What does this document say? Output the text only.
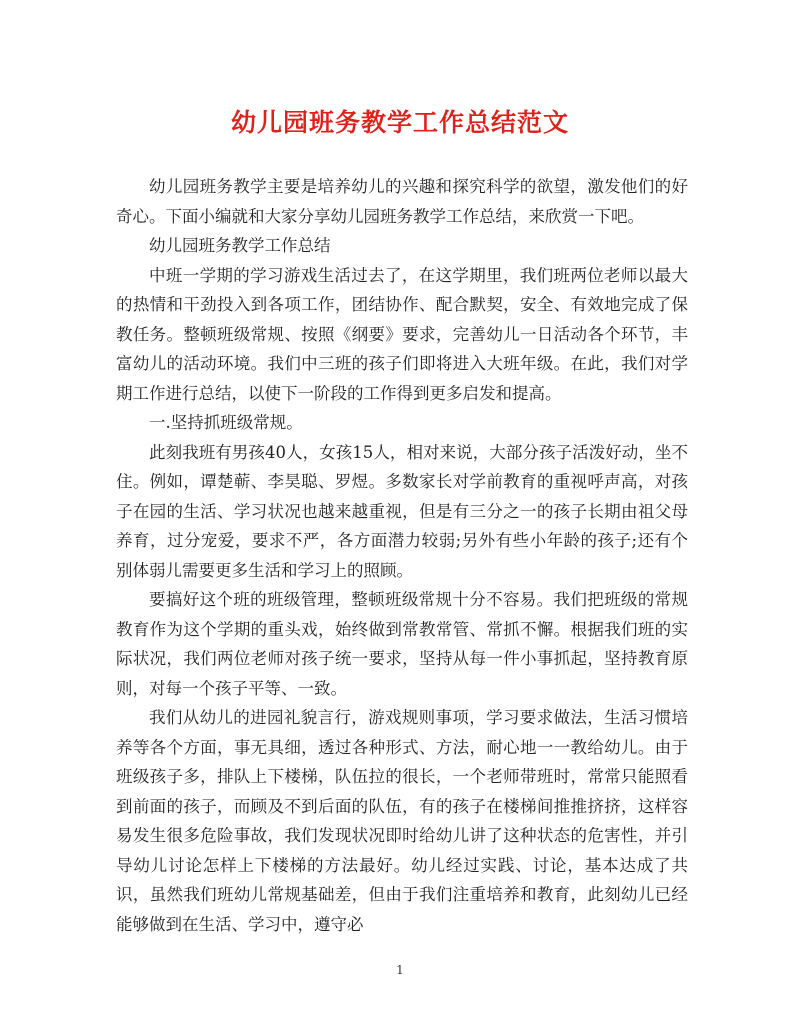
幼儿园班务教学工作总结范文

幼儿园班务教学主要是培养幼儿的兴趣和探究科学的欲望，激发他们的好奇心。下面小编就和大家分享幼儿园班务教学工作总结，来欣赏一下吧。

幼儿园班务教学工作总结

中班一学期的学习游戏生活过去了，在这学期里，我们班两位老师以最大的热情和干劲投入到各项工作，团结协作、配合默契，安全、有效地完成了保教任务。整顿班级常规、按照《纲要》要求，完善幼儿一日活动各个环节，丰富幼儿的活动环境。我们中三班的孩子们即将进入大班年级。在此，我们对学期工作进行总结，以使下一阶段的工作得到更多启发和提高。

一.坚持抓班级常规。

此刻我班有男孩40人，女孩15人，相对来说，大部分孩子活泼好动，坐不住。例如，谭楚蕲、李昊聪、罗煜。多数家长对学前教育的重视呼声高，对孩子在园的生活、学习状况也越来越重视，但是有三分之一的孩子长期由祖父母养育，过分宠爱，要求不严，各方面潜力较弱;另外有些小年龄的孩子;还有个别体弱儿需要更多生活和学习上的照顾。

要搞好这个班的班级管理，整顿班级常规十分不容易。我们把班级的常规教育作为这个学期的重头戏，始终做到常教常管、常抓不懈。根据我们班的实际状况，我们两位老师对孩子统一要求，坚持从每一件小事抓起，坚持教育原则，对每一个孩子平等、一致。

我们从幼儿的进园礼貌言行，游戏规则事项，学习要求做法，生活习惯培养等各个方面，事无具细，透过各种形式、方法，耐心地一一教给幼儿。由于班级孩子多，排队上下楼梯，队伍拉的很长，一个老师带班时，常常只能照看到前面的孩子，而顾及不到后面的队伍，有的孩子在楼梯间推推挤挤，这样容易发生很多危险事故，我们发现状况即时给幼儿讲了这种状态的危害性，并引导幼儿讨论怎样上下楼梯的方法最好。幼儿经过实践、讨论，基本达成了共识，虽然我们班幼儿常规基础差，但由于我们注重培养和教育，此刻幼儿已经能够做到在生活、学习中，遵守必

1
